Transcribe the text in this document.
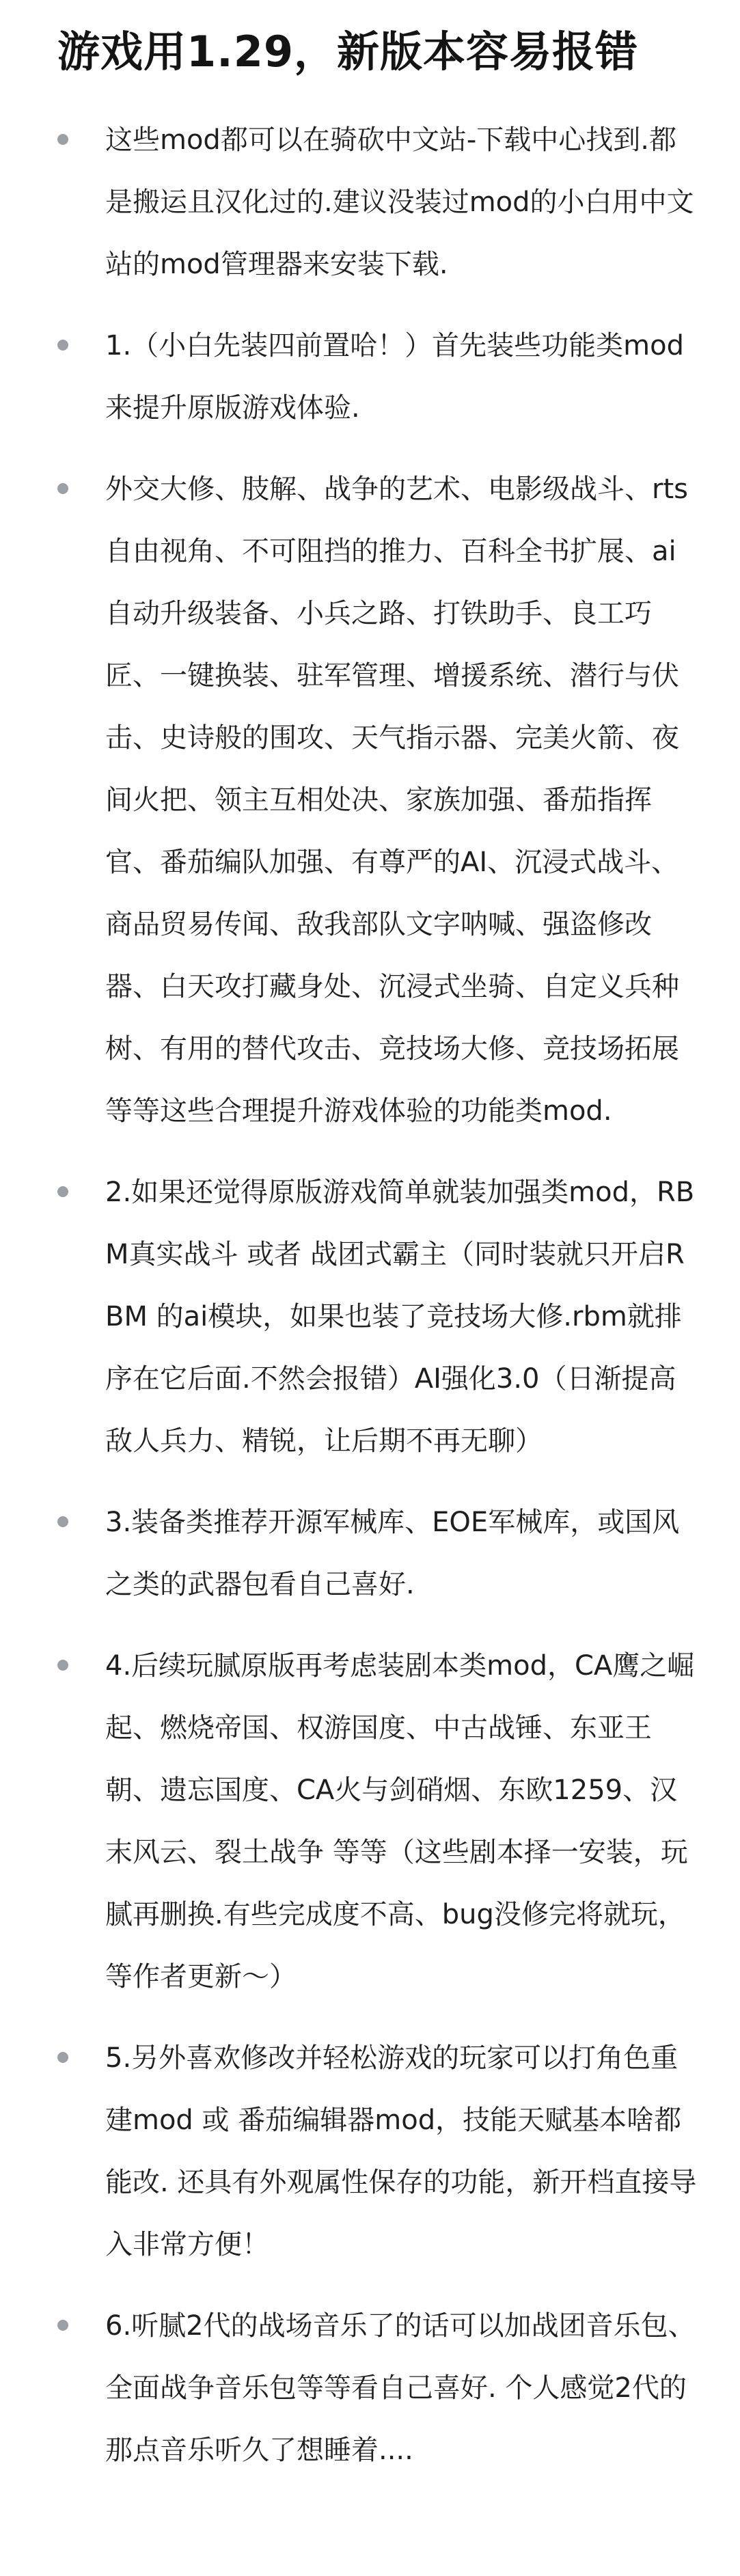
游戏用1.29，新版本容易报错
这些mod都可以在骑砍中文站-下载中心找到.都是搬运且汉化过的.建议没装过mod的小白用中文站的mod管理器来安装下载.
1.（小白先装四前置哈！）首先装些功能类mod来提升原版游戏体验.
外交大修、肢解、战争的艺术、电影级战斗、rts自由视角、不可阻挡的推力、百科全书扩展、ai自动升级装备、小兵之路、打铁助手、良工巧匠、一键换装、驻军管理、增援系统、潜行与伏击、史诗般的围攻、天气指示器、完美火箭、夜间火把、领主互相处决、家族加强、番茄指挥官、番茄编队加强、有尊严的AI、沉浸式战斗、商品贸易传闻、敌我部队文字呐喊、强盗修改器、白天攻打藏身处、沉浸式坐骑、自定义兵种树、有用的替代攻击、竞技场大修、竞技场拓展 等等这些合理提升游戏体验的功能类mod.
2.如果还觉得原版游戏简单就装加强类mod，RBM真实战斗 或者 战团式霸主（同时装就只开启RBM 的ai模块，如果也装了竞技场大修.rbm就排序在它后面.不然会报错）AI强化3.0（日渐提高敌人兵力、精锐，让后期不再无聊）
3.装备类推荐开源军械库、EOE军械库，或国风之类的武器包看自己喜好.
4.后续玩腻原版再考虑装剧本类mod，CA鹰之崛起、燃烧帝国、权游国度、中古战锤、东亚王朝、遗忘国度、CA火与剑硝烟、东欧1259、汉末风云、裂土战争 等等（这些剧本择一安装，玩腻再删换.有些完成度不高、bug没修完将就玩，等作者更新～）
5.另外喜欢修改并轻松游戏的玩家可以打角色重建mod 或 番茄编辑器mod，技能天赋基本啥都能改. 还具有外观属性保存的功能，新开档直接导入非常方便！
6.听腻2代的战场音乐了的话可以加战团音乐包、全面战争音乐包等等看自己喜好. 个人感觉2代的那点音乐听久了想睡着....
